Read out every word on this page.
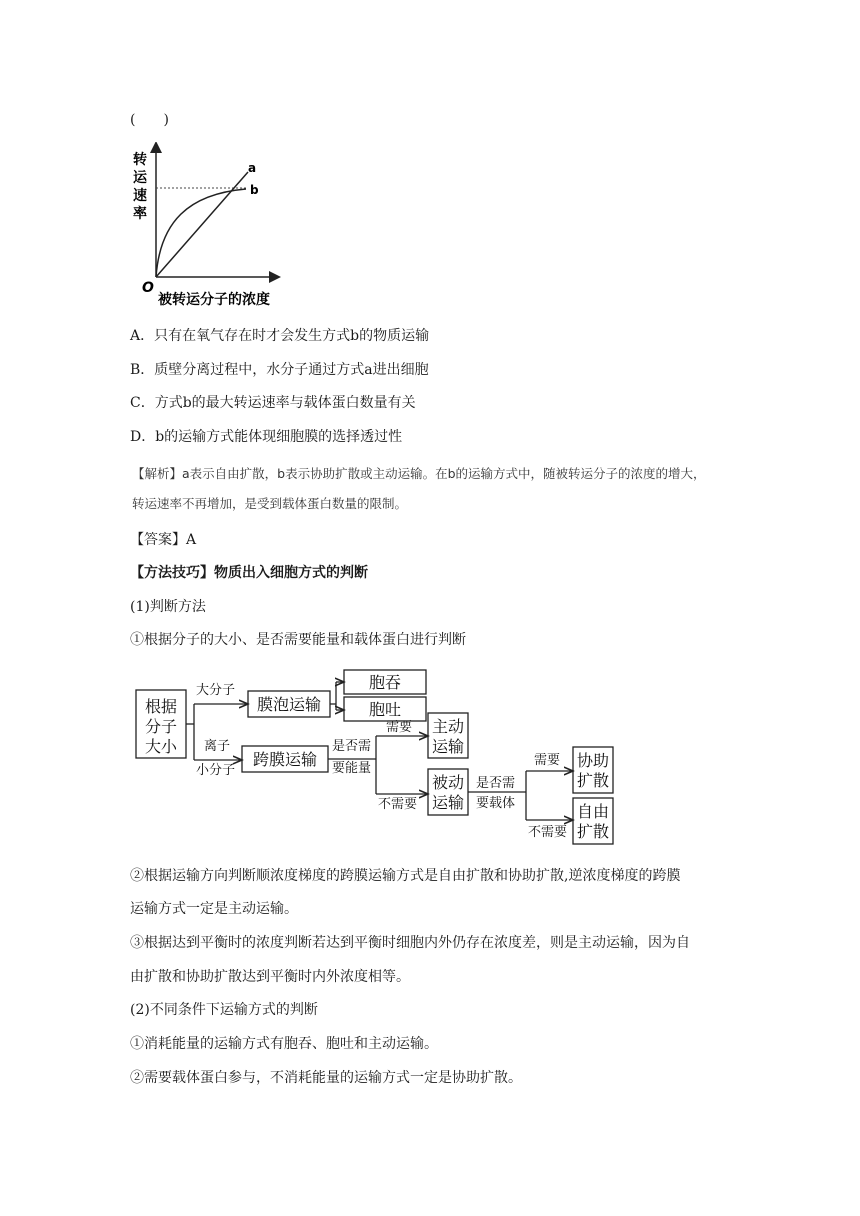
(　　)
转
运
速
率
a
b
O
被转运分子的浓度
A．只有在氧气存在时才会发生方式b的物质运输
B．质壁分离过程中，水分子通过方式a进出细胞
C．方式b的最大转运速率与载体蛋白数量有关
D．b的运输方式能体现细胞膜的选择透过性
【解析】a表示自由扩散，b表示协助扩散或主动运输。在b的运输方式中，随被转运分子的浓度的增大，
转运速率不再增加，是受到载体蛋白数量的限制。
【答案】A
【方法技巧】物质出入细胞方式的判断
(1)判断方法
①根据分子的大小、是否需要能量和载体蛋白进行判断
根据
分子
大小
大分子
膜泡运输
胞吞
胞吐
离子
小分子
跨膜运输
是否需
要能量
需要
不需要
主动
运输
被动
运输
是否需
要载体
需要
不需要
协助
扩散
自由
扩散
②根据运输方向判断顺浓度梯度的跨膜运输方式是自由扩散和协助扩散,逆浓度梯度的跨膜
运输方式一定是主动运输。
③根据达到平衡时的浓度判断若达到平衡时细胞内外仍存在浓度差，则是主动运输，因为自
由扩散和协助扩散达到平衡时内外浓度相等。
(2)不同条件下运输方式的判断
①消耗能量的运输方式有胞吞、胞吐和主动运输。
②需要载体蛋白参与，不消耗能量的运输方式一定是协助扩散。
